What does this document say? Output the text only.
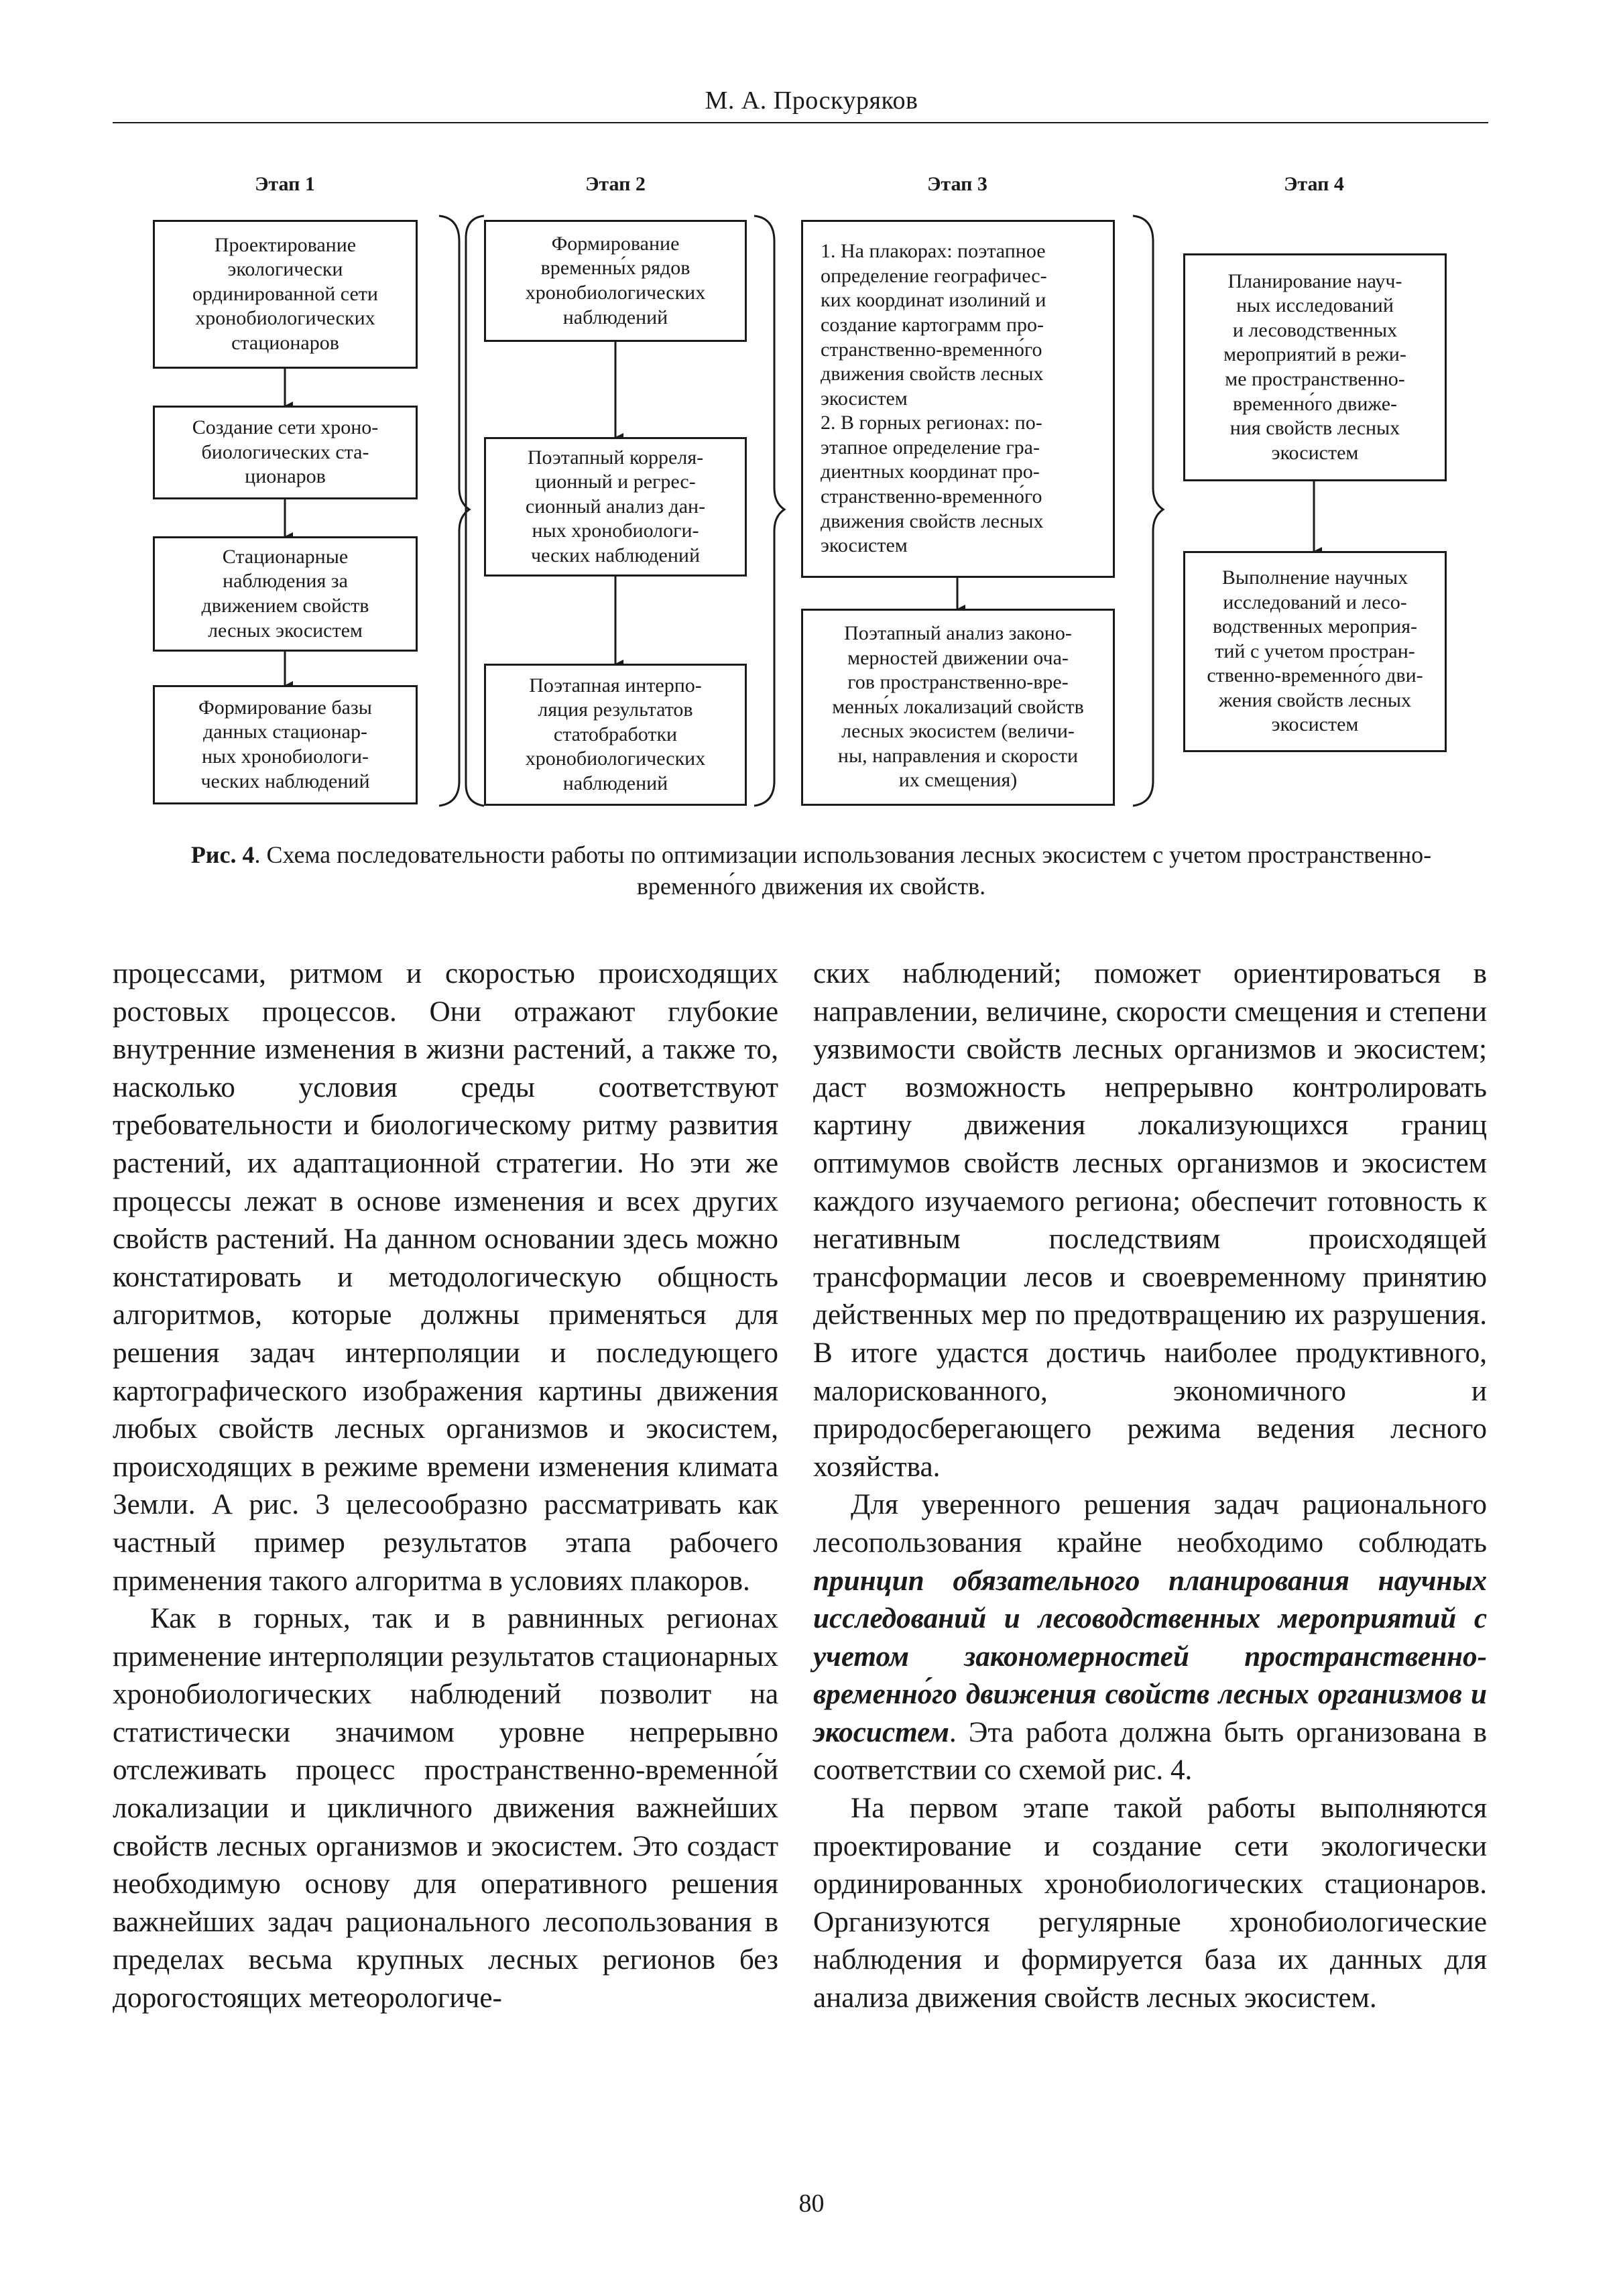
М. А. Проскуряков
Этап 1	Этап 2	Этап 3	Этап 4
Проектирование
экологически
ординированной сети
хронобиологических
стационаров
Создание сети хроно-
биологических ста-
ционаров
Стационарные
наблюдения за
движением свойств
лесных экосистем
Формирование базы
данных стационар-
ных хронобиологи-
ческих наблюдений
Формирование
временны́х рядов
хронобиологических
наблюдений
Поэтапный корреля-
ционный и регрес-
сионный анализ дан-
ных хронобиологи-
ческих наблюдений
Поэтапная интерпо-
ляция результатов
статобработки
хронобиологических
наблюдений
1. На плакорах: поэтапное
определение географичес-
ких координат изолиний и
создание картограмм про-
странственно-временно́го
движения свойств лесных
экосистем
2. В горных регионах: по-
этапное определение гра-
диентных координат про-
странственно-временно́го
движения свойств лесных
экосистем
Поэтапный анализ законо-
мерностей движении оча-
гов пространственно-вре-
менны́х локализаций свойств
лесных экосистем (величи-
ны, направления и скорости
их смещения)
Планирование науч-
ных исследований
и лесоводственных
мероприятий в режи-
ме пространственно-
временно́го движе-
ния свойств лесных
экосистем
Выполнение научных
исследований и лесо-
водственных мероприя-
тий с учетом простран-
ственно-временно́го дви-
жения свойств лесных
экосистем
Рис. 4. Схема последовательности работы по оптимизации использования лесных экосистем с учетом пространственно-временно́го движения их свойств.

процессами, ритмом и скоростью происходящих ростовых процессов. Они отражают глубокие внутренние изменения в жизни растений, а также то, насколько условия среды соответствуют требовательности и биологическому ритму развития растений, их адаптационной стратегии. Но эти же процессы лежат в основе изменения и всех других свойств растений. На данном основании здесь можно констатировать и методологическую общность алгоритмов, которые должны применяться для решения задач интерполяции и последующего картографического изображения картины движения любых свойств лесных организмов и экосистем, происходящих в режиме времени изменения климата Земли. А рис. 3 целесообразно рассматривать как частный пример результатов этапа рабочего применения такого алгоритма в условиях плакоров.

Как в горных, так и в равнинных регионах применение интерполяции результатов стационарных хронобиологических наблюдений позволит на статистически значимом уровне непрерывно отслеживать процесс пространственно-временно́й локализации и цикличного движения важнейших свойств лесных организмов и экосистем. Это создаст необходимую основу для оперативного решения важнейших задач рационального лесопользования в пределах весьма крупных лесных регионов без дорогостоящих метеорологиче-

ских наблюдений; поможет ориентироваться в направлении, величине, скорости смещения и степени уязвимости свойств лесных организмов и экосистем; даст возможность непрерывно контролировать картину движения локализующихся границ оптимумов свойств лесных организмов и экосистем каждого изучаемого региона; обеспечит готовность к негативным последствиям происходящей трансформации лесов и своевременному принятию действенных мер по предотвращению их разрушения. В итоге удастся достичь наиболее продуктивного, малорискованного, экономичного и природосберегающего режима ведения лесного хозяйства.

Для уверенного решения задач рационального лесопользования крайне необходимо соблюдать принцип обязательного планирования научных исследований и лесоводственных мероприятий с учетом закономерностей пространственно-временно́го движения свойств лесных организмов и экосистем. Эта работа должна быть организована в соответствии со схемой рис. 4.

На первом этапе такой работы выполняются проектирование и создание сети экологически ординированных хронобиологических стационаров. Организуются регулярные хронобиологические наблюдения и формируется база их данных для анализа движения свойств лесных экосистем.

80
